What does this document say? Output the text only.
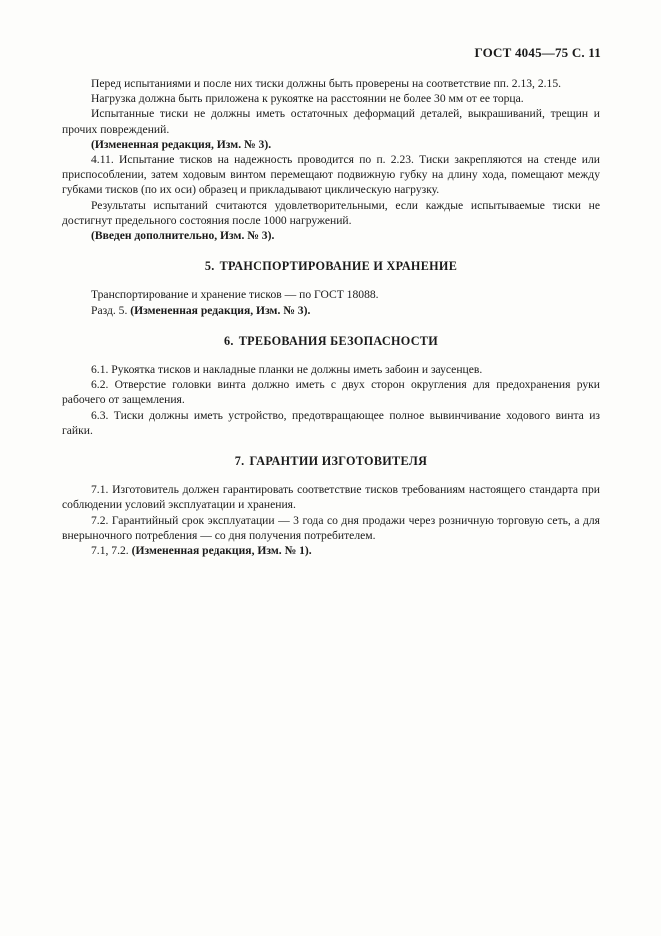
ГОСТ 4045—75 С. 11

Перед испытаниями и после них тиски должны быть проверены на соответствие пп. 2.13, 2.15.

Нагрузка должна быть приложена к рукоятке на расстоянии не более 30 мм от ее торца.

Испытанные тиски не должны иметь остаточных деформаций деталей, выкрашиваний, трещин и прочих повреждений.

(Измененная редакция, Изм. № 3).

4.11. Испытание тисков на надежность проводится по п. 2.23. Тиски закрепляются на стенде или приспособлении, затем ходовым винтом перемещают подвижную губку на длину хода, помещают между губками тисков (по их оси) образец и прикладывают циклическую нагрузку.

Результаты испытаний считаются удовлетворительными, если каждые испытываемые тиски не достигнут предельного состояния после 1000 нагружений.

(Введен дополнительно, Изм. № 3).

5. ТРАНСПОРТИРОВАНИЕ И ХРАНЕНИЕ

Транспортирование и хранение тисков — по ГОСТ 18088.

Разд. 5. (Измененная редакция, Изм. № 3).

6. ТРЕБОВАНИЯ БЕЗОПАСНОСТИ

6.1. Рукоятка тисков и накладные планки не должны иметь забоин и заусенцев.

6.2. Отверстие головки винта должно иметь с двух сторон округления для предохранения руки рабочего от защемления.

6.3. Тиски должны иметь устройство, предотвращающее полное вывинчивание ходового винта из гайки.

7. ГАРАНТИИ ИЗГОТОВИТЕЛЯ

7.1. Изготовитель должен гарантировать соответствие тисков требованиям настоящего стандарта при соблюдении условий эксплуатации и хранения.

7.2. Гарантийный срок эксплуатации — 3 года со дня продажи через розничную торговую сеть, а для внерыночного потребления — со дня получения потребителем.

7.1, 7.2. (Измененная редакция, Изм. № 1).
